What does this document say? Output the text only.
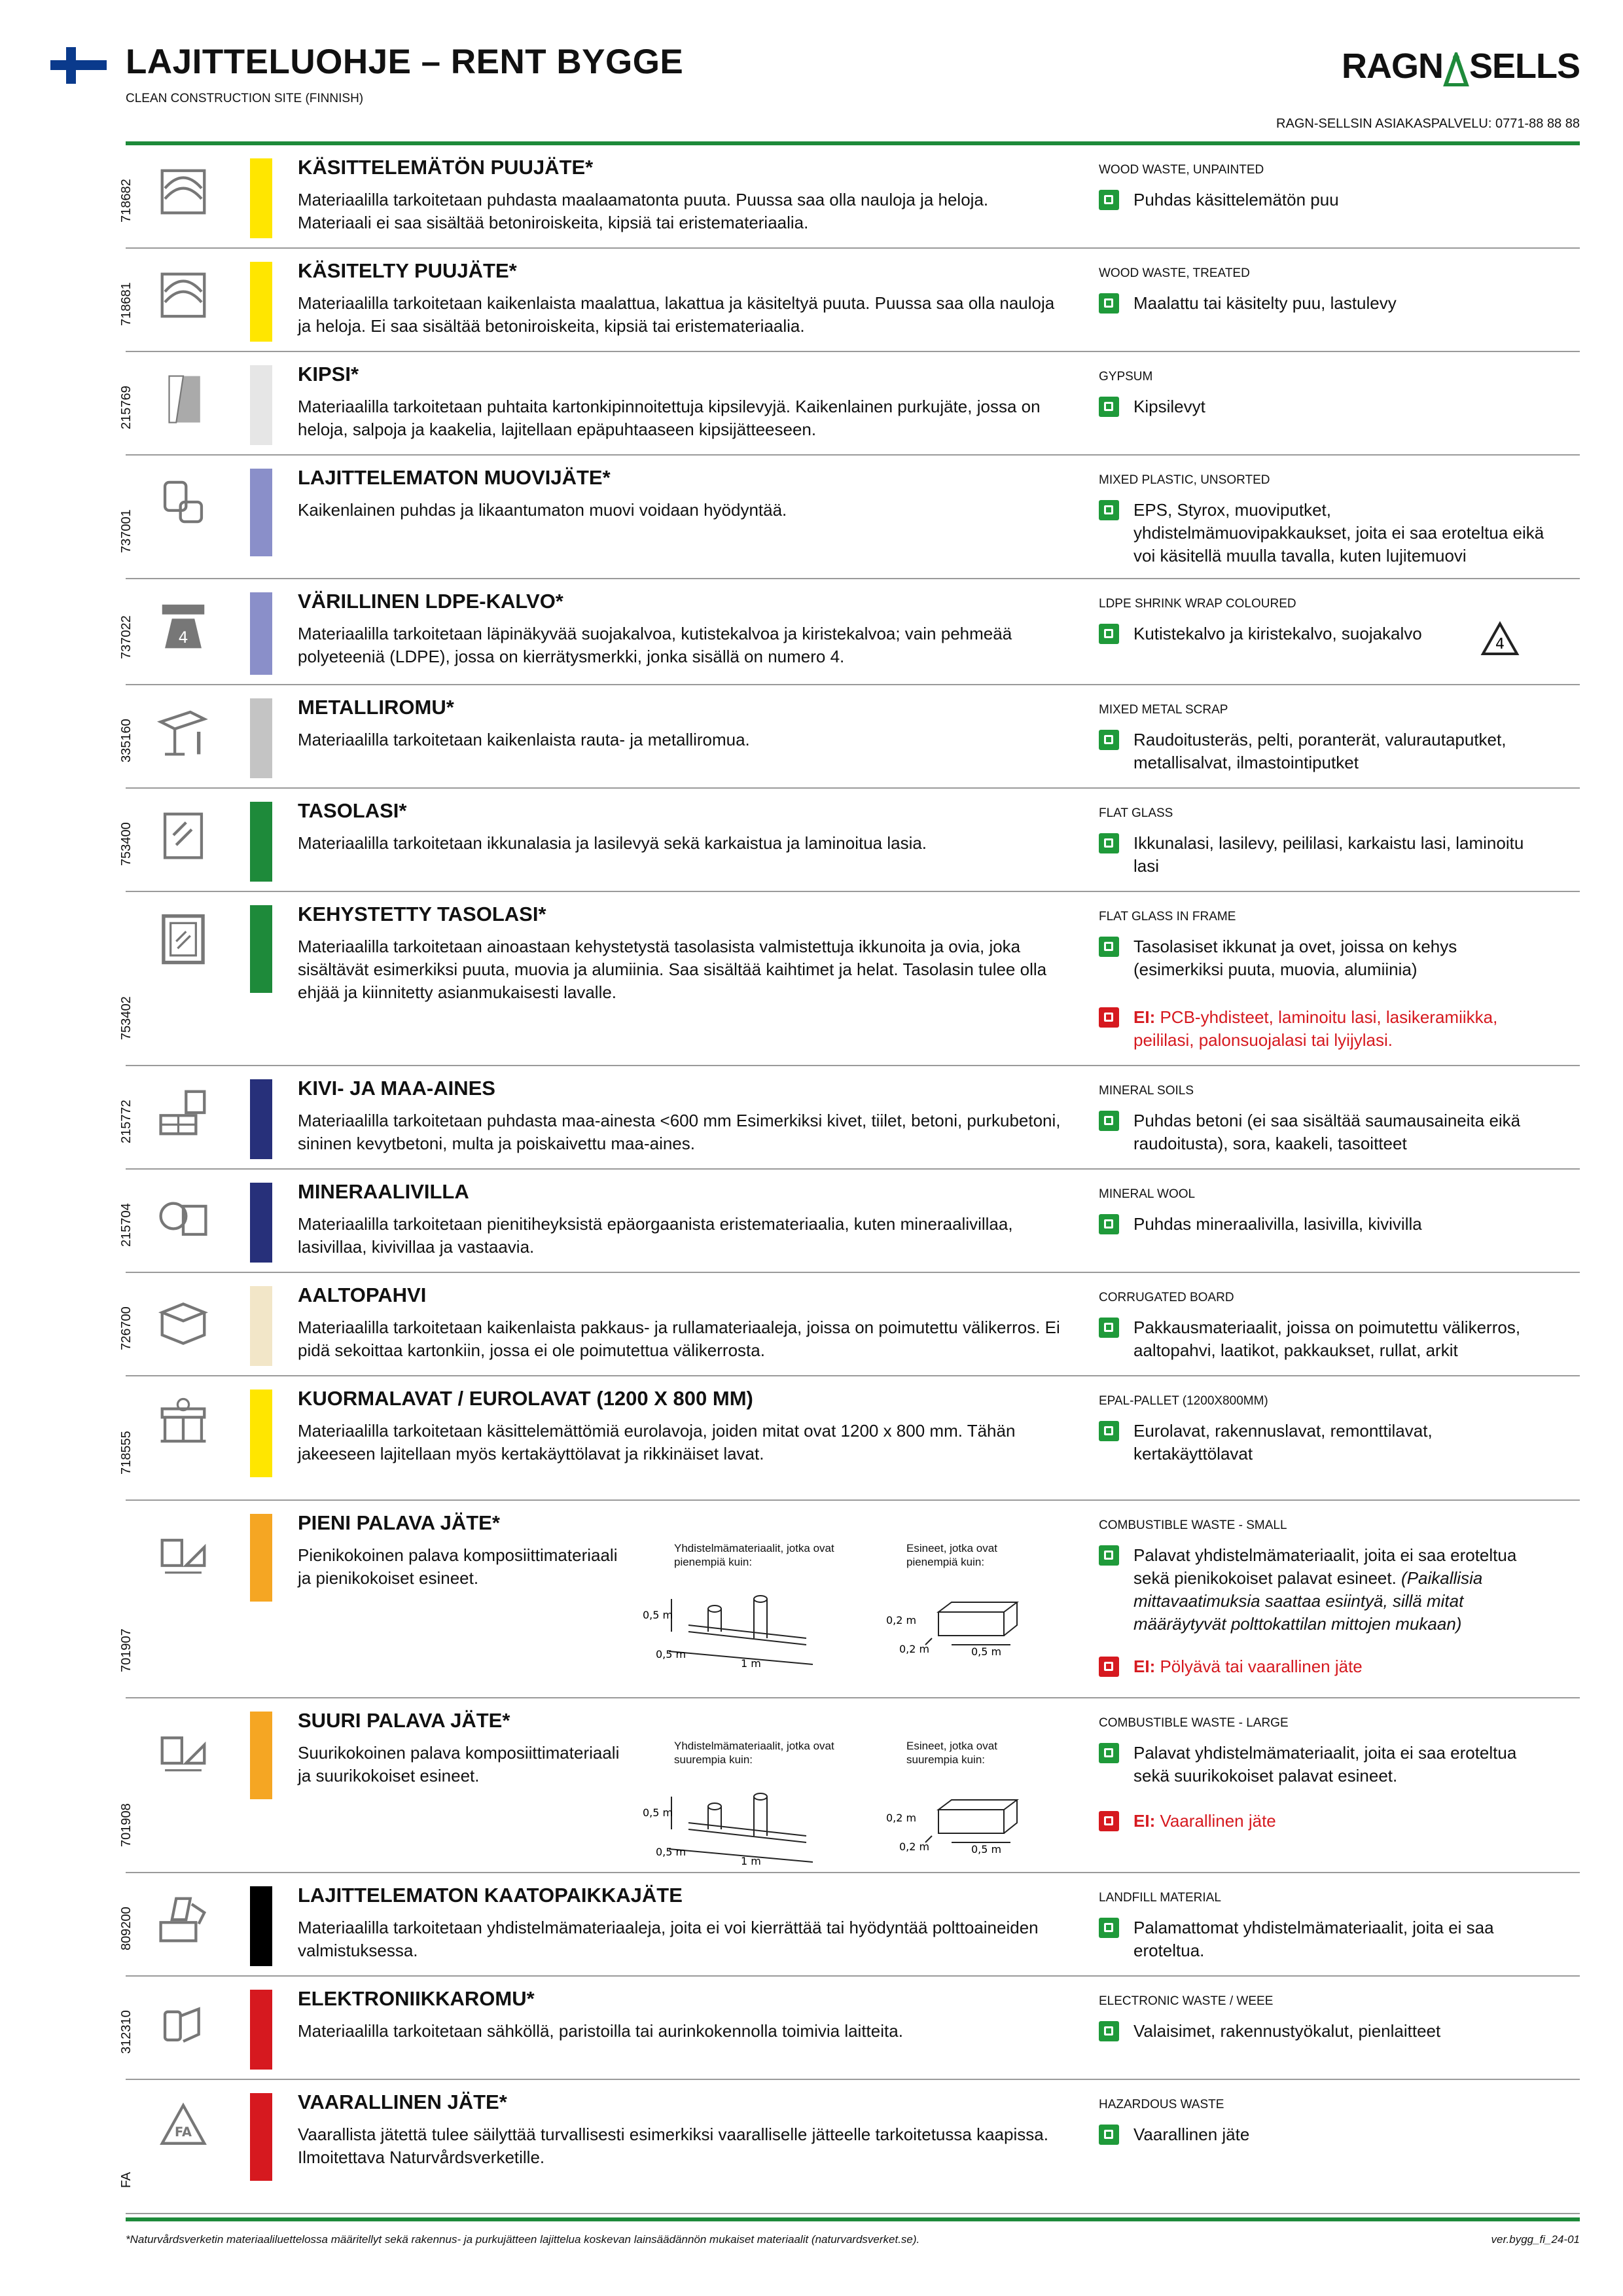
LAJITTELUOHJE – RENT BYGGE
CLEAN CONSTRUCTION SITE (FINNISH)
RAGN SELLS
RAGN-SELLSIN ASIAKASPALVELU: 0771-88 88 88
718682
KÄSITTELEMÄTÖN PUUJÄTE*
Materiaalilla tarkoitetaan puhdasta maalaamatonta puuta. Puussa saa olla nauloja ja heloja. Materiaali ei saa sisältää betoniroiskeita, kipsiä tai eristemateriaalia.
WOOD WASTE, UNPAINTED
Puhdas käsittelemätön puu
718681
KÄSITELTY PUUJÄTE*
Materiaalilla tarkoitetaan kaikenlaista maalattua, lakattua ja käsiteltyä puuta. Puussa saa olla nauloja ja heloja. Ei saa sisältää betoniroiskeita, kipsiä tai eristemateriaalia.
WOOD WASTE, TREATED
Maalattu tai käsitelty puu, lastulevy
215769
KIPSI*
Materiaalilla tarkoitetaan puhtaita kartonkipinnoitettuja kipsilevyjä. Kaikenlainen purkujäte, jossa on heloja, salpoja ja kaakelia, lajitellaan epäpuhtaaseen kipsijätteeseen.
GYPSUM
Kipsilevyt
737001
LAJITTELEMATON MUOVIJÄTE*
Kaikenlainen puhdas ja likaantumaton muovi voidaan hyödyntää.
MIXED PLASTIC, UNSORTED
EPS, Styrox, muoviputket, yhdistelmämuovipakkaukset, joita ei saa eroteltua eikä voi käsitellä muulla tavalla, kuten lujitemuovi
737022	4
VÄRILLINEN LDPE-KALVO*
Materiaalilla tarkoitetaan läpinäkyvää suojakalvoa, kutistekalvoa ja kiristekalvoa; vain pehmeää polyeteeniä (LDPE), jossa on kierrätysmerkki, jonka sisällä on numero 4.
LDPE SHRINK WRAP COLOURED
Kutistekalvo ja kiristekalvo, suojakalvo
4
335160
METALLIROMU*
Materiaalilla tarkoitetaan kaikenlaista rauta- ja metalliromua.
MIXED METAL SCRAP
Raudoitusteräs, pelti, poranterät, valurautaputket, metallisalvat, ilmastointiputket
753400
TASOLASI*
Materiaalilla tarkoitetaan ikkunalasia ja lasilevyä sekä karkaistua ja laminoitua lasia.
FLAT GLASS
Ikkunalasi, lasilevy, peililasi, karkaistu lasi, laminoitu lasi
753402
KEHYSTETTY TASOLASI*
Materiaalilla tarkoitetaan ainoastaan kehystetystä tasolasista valmistettuja ikkunoita ja ovia, joka sisältävät esimerkiksi puuta, muovia ja alumiinia. Saa sisältää kaihtimet ja helat. Tasolasin tulee olla ehjää ja kiinnitetty asianmukaisesti lavalle.
FLAT GLASS IN FRAME
Tasolasiset ikkunat ja ovet, joissa on kehys (esimerkiksi puuta, muovia, alumiinia)
EI: PCB-yhdisteet, laminoitu lasi, lasikeramiikka, peililasi, palonsuojalasi tai lyijylasi.
215772
KIVI- JA MAA-AINES
Materiaalilla tarkoitetaan puhdasta maa-ainesta <600 mm Esimerkiksi kivet, tiilet, betoni, purkubetoni, sininen kevytbetoni, multa ja poiskaivettu maa-aines.
MINERAL SOILS
Puhdas betoni (ei saa sisältää saumausaineita eikä raudoitusta), sora, kaakeli, tasoitteet
215704
MINERAALIVILLA
Materiaalilla tarkoitetaan pienitiheyksistä epäorgaanista eristemateriaalia, kuten mineraalivillaa, lasivillaa, kivivillaa ja vastaavia.
MINERAL WOOL
Puhdas mineraalivilla, lasivilla, kivivilla
726700
AALTOPAHVI
Materiaalilla tarkoitetaan kaikenlaista pakkaus- ja rullamateriaaleja, joissa on poimutettu välikerros. Ei pidä sekoittaa kartonkiin, jossa ei ole poimutettua välikerrosta.
CORRUGATED BOARD
Pakkausmateriaalit, joissa on poimutettu välikerros, aaltopahvi, laatikot, pakkaukset, rullat, arkit
718555
KUORMALAVAT / EUROLAVAT (1200 X 800 MM)
Materiaalilla tarkoitetaan käsittelemättömiä eurolavoja, joiden mitat ovat 1200 x 800 mm. Tähän jakeeseen lajitellaan myös kertakäyttölavat ja rikkinäiset lavat.
EPAL-PALLET (1200X800MM)
Eurolavat, rakennuslavat, remonttilavat, kertakäyttölavat
701907
PIENI PALAVA JÄTE*
Pienikokoinen palava komposiittimateriaali ja pienikokoiset esineet.
COMBUSTIBLE WASTE - SMALL
Palavat yhdistelmämateriaalit, joita ei saa eroteltua sekä pienikokoiset palavat esineet. (Paikallisia mittavaatimuksia saattaa esiintyä, sillä mitat määräytyvät polttokattilan mittojen mukaan)
EI: Pölyävä tai vaarallinen jäte
Yhdistelmämateriaalit, jotka ovat pienempiä kuin:
Esineet, jotka ovat pienempiä kuin:
0,5 m
0,5 m
1 m
0,2 m
0,2 m	0,5 m
701908
SUURI PALAVA JÄTE*
Suurikokoinen palava komposiittimateriaali ja suurikokoiset esineet.
COMBUSTIBLE WASTE - LARGE
Palavat yhdistelmämateriaalit, joita ei saa eroteltua sekä suurikokoiset palavat esineet.
EI: Vaarallinen jäte
Yhdistelmämateriaalit, jotka ovat suurempia kuin:
Esineet, jotka ovat suurempia kuin:
0,5 m
0,5 m
1 m
0,2 m
0,2 m	0,5 m
809200
LAJITTELEMATON KAATOPAIKKAJÄTE
Materiaalilla tarkoitetaan yhdistelmämateriaaleja, joita ei voi kierrättää tai hyödyntää polttoaineiden valmistuksessa.
LANDFILL MATERIAL
Palamattomat yhdistelmämateriaalit, joita ei saa eroteltua.
312310
ELEKTRONIIKKAROMU*
Materiaalilla tarkoitetaan sähköllä, paristoilla tai aurinkokennolla toimivia laitteita.
ELECTRONIC WASTE / WEEE
Valaisimet, rakennustyökalut, pienlaitteet
FA
FA
VAARALLINEN JÄTE*
Vaarallista jätettä tulee säilyttää turvallisesti esimerkiksi vaaralliselle jätteelle tarkoitetussa kaapissa. Ilmoitettava Naturvårdsverketille.
HAZARDOUS WASTE
Vaarallinen jäte
*Naturvårdsverketin materiaaliluettelossa määritellyt sekä rakennus- ja purkujätteen lajittelua koskevan lainsäädännön mukaiset materiaalit (naturvardsverket.se).	ver.bygg_fi_24-01
